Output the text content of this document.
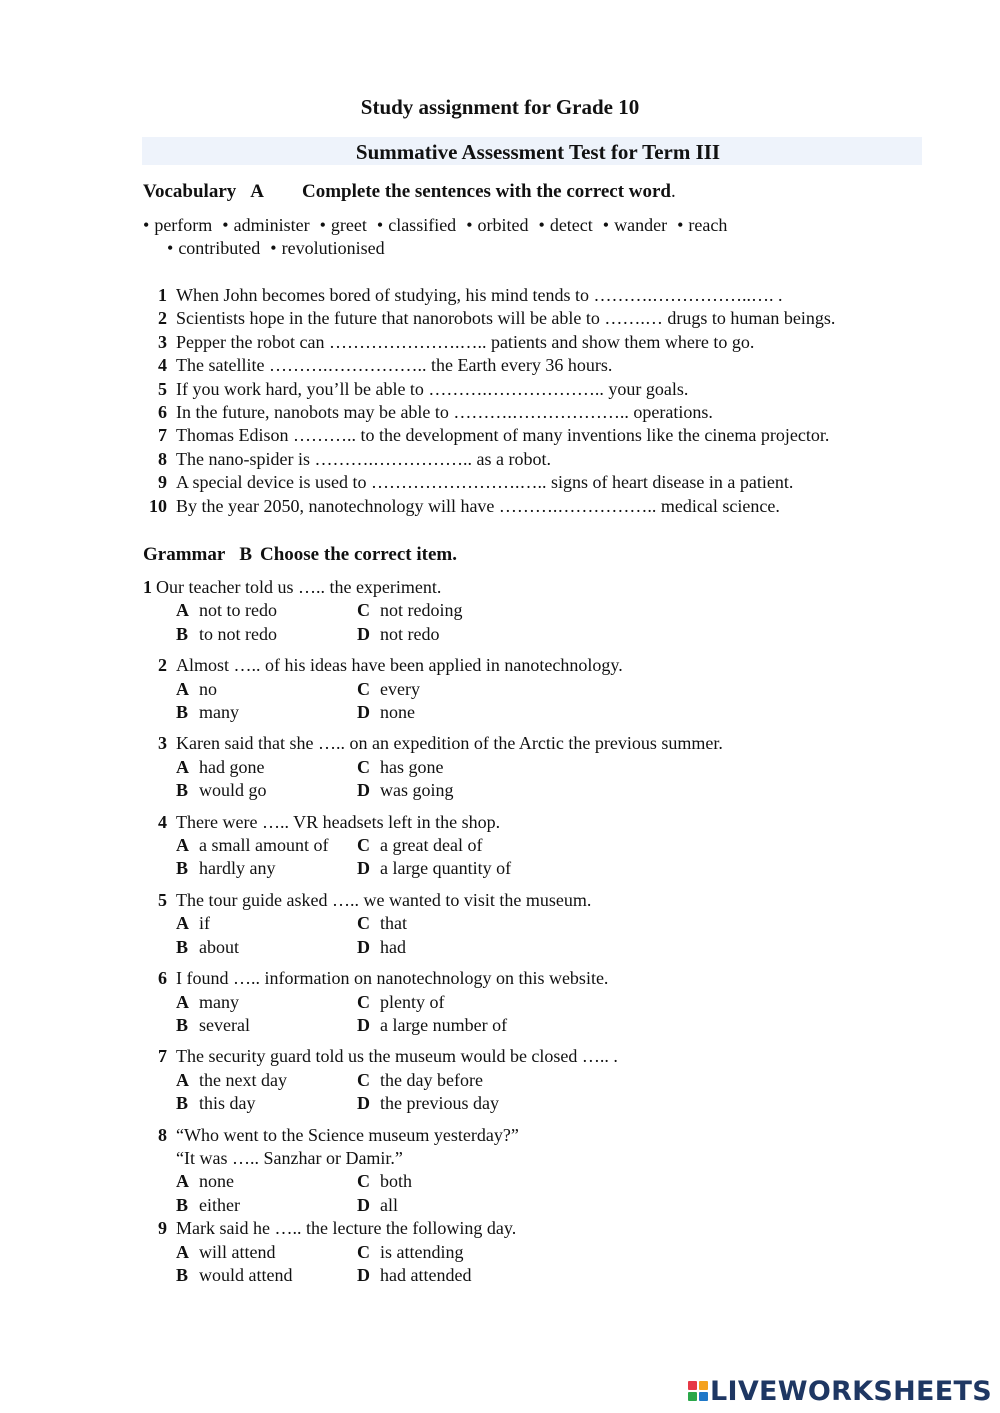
Study assignment for Grade 10
Summative Assessment Test for Term III
Vocabulary A Complete the sentences with the correct word.
• perform • administer • greet • classified • orbited • detect • wander • reach
• contributed • revolutionised
1 When John becomes bored of studying, his mind tends to ……….……………..…. .
2 Scientists hope in the future that nanorobots will be able to …….… drugs to human beings.
3 Pepper the robot can ………………….….. patients and show them where to go.
4 The satellite ……….…………….. the Earth every 36 hours.
5 If you work hard, you’ll be able to ……….……………….. your goals.
6 In the future, nanobots may be able to ……….……………….. operations.
7 Thomas Edison ……….. to the development of many inventions like the cinema projector.
8 The nano-spider is ……….…………….. as a robot.
9 A special device is used to …………………….….. signs of heart disease in a patient.
10 By the year 2050, nanotechnology will have ……….…………….. medical science.
Grammar B Choose the correct item.
1 Our teacher told us ….. the experiment.
A not to redo	C not redoing
B to not redo	D not redo
2 Almost ….. of his ideas have been applied in nanotechnology.
A no	C every
B many	D none
3 Karen said that she ….. on an expedition of the Arctic the previous summer.
A had gone	C has gone
B would go	D was going
4 There were ….. VR headsets left in the shop.
A a small amount of	C a great deal of
B hardly any	D a large quantity of
5 The tour guide asked ….. we wanted to visit the museum.
A if	C that
B about	D had
6 I found ….. information on nanotechnology on this website.
A many	C plenty of
B several	D a large number of
7 The security guard told us the museum would be closed ….. .
A the next day	C the day before
B this day	D the previous day
8 “Who went to the Science museum yesterday?”
“It was ….. Sanzhar or Damir.”
A none	C both
B either	D all
9 Mark said he ….. the lecture the following day.
A will attend	C is attending
B would attend	D had attended
LIVEWORKSHEETS
